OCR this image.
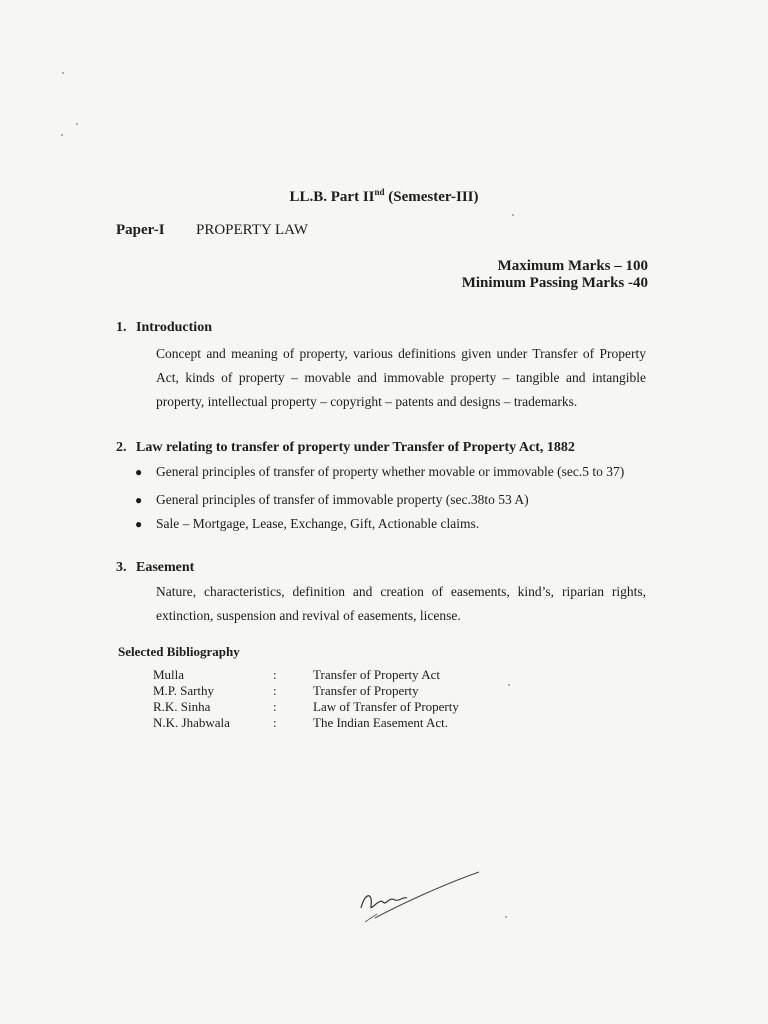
LL.B. Part IInd (Semester-III)
Paper-I PROPERTY LAW
Maximum Marks – 100
Minimum Passing Marks -40
1. Introduction
Concept and meaning of property, various definitions given under Transfer of Property Act, kinds of property – movable and immovable property – tangible and intangible property, intellectual property – copyright – patents and designs – trademarks.
2. Law relating to transfer of property under Transfer of Property Act, 1882
● General principles of transfer of property whether movable or immovable (sec.5 to 37)
● General principles of transfer of immovable property (sec.38to 53 A)
● Sale – Mortgage, Lease, Exchange, Gift, Actionable claims.
3. Easement
Nature, characteristics, definition and creation of easements, kind’s, riparian rights, extinction, suspension and revival of easements, license.
Selected Bibliography
Mulla	:	Transfer of Property Act
M.P. Sarthy	:	Transfer of Property
R.K. Sinha	:	Law of Transfer of Property
N.K. Jhabwala	:	The Indian Easement Act.
